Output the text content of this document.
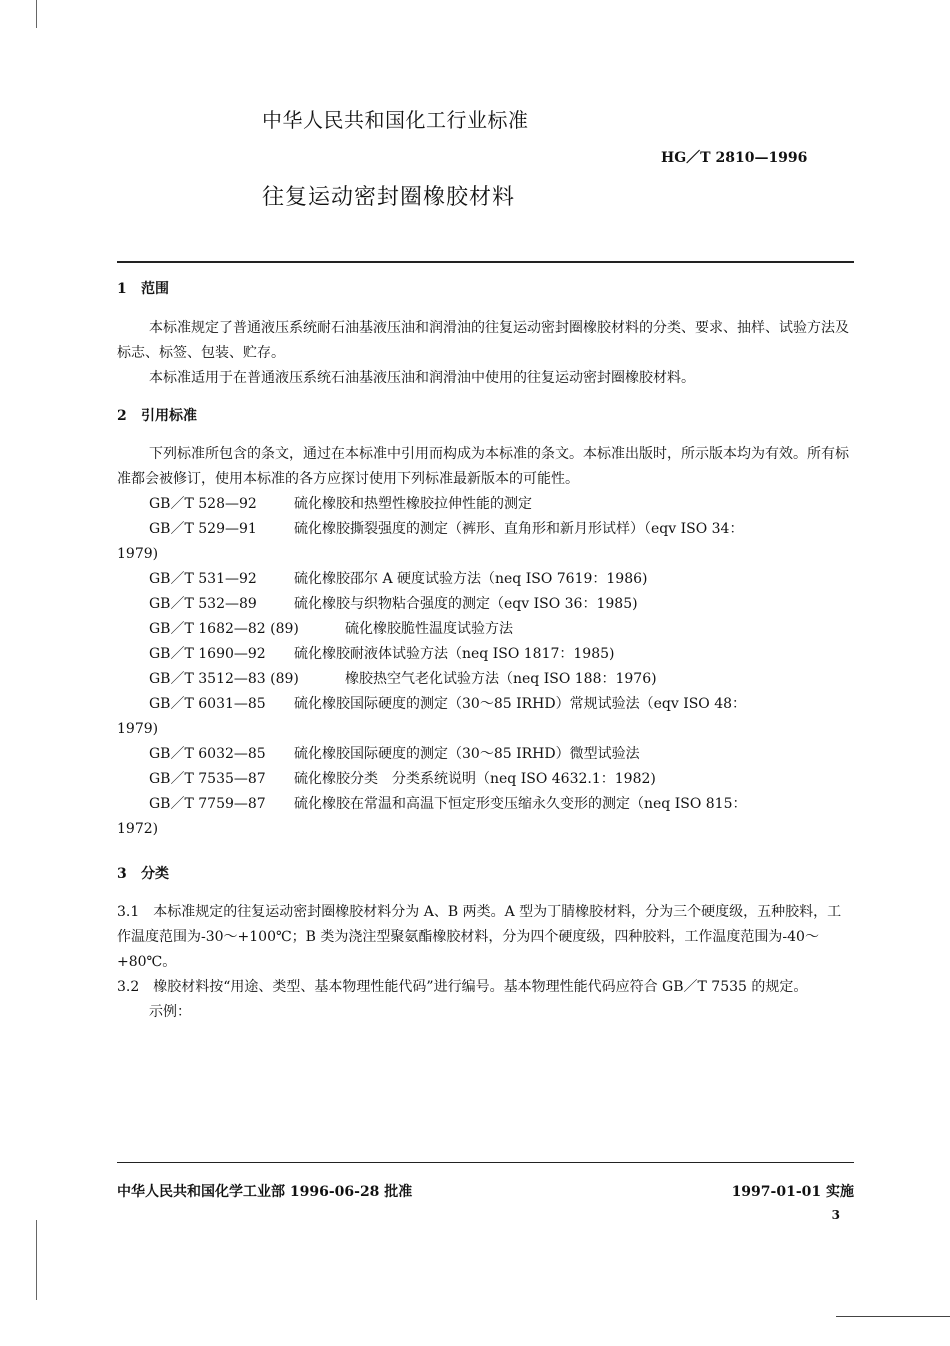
中华人民共和国化工行业标准
HG／T 2810—1996
往复运动密封圈橡胶材料
1 范围

本标准规定了普通液压系统耐石油基液压油和润滑油的往复运动密封圈橡胶材料的分类、要求、抽样、试验方法及标志、标签、包装、贮存。

本标准适用于在普通液压系统石油基液压油和润滑油中使用的往复运动密封圈橡胶材料。

2 引用标准

下列标准所包含的条文，通过在本标准中引用而构成为本标准的条文。本标准出版时，所示版本均为有效。所有标准都会被修订，使用本标准的各方应探讨使用下列标准最新版本的可能性。

GB／T 528—92	硫化橡胶和热塑性橡胶拉伸性能的测定

GB／T 529—91	硫化橡胶撕裂强度的测定（裤形、直角形和新月形试样）（eqv ISO 34：

1979)

GB／T 531—92	硫化橡胶邵尔 A 硬度试验方法（neq ISO 7619：1986)

GB／T 532—89	硫化橡胶与织物粘合强度的测定（eqv ISO 36：1985)

GB／T 1682—82 (89)	硫化橡胶脆性温度试验方法

GB／T 1690—92 硫化橡胶耐液体试验方法（neq ISO 1817：1985)

GB／T 3512—83 (89)	橡胶热空气老化试验方法（neq ISO 188：1976)

GB／T 6031—85 硫化橡胶国际硬度的测定（30～85 IRHD）常规试验法（eqv ISO 48：

1979)

GB／T 6032—85 硫化橡胶国际硬度的测定（30～85 IRHD）微型试验法

GB／T 7535—87 硫化橡胶分类　分类系统说明（neq ISO 4632.1：1982)

GB／T 7759—87 硫化橡胶在常温和高温下恒定形变压缩永久变形的测定（neq ISO 815：

1972)

3 分类

3.1　 本标准规定的往复运动密封圈橡胶材料分为 A、B 两类。A 型为丁腈橡胶材料，分为三个硬度级，五种胶料，工作温度范围为-30～+100℃；B 类为浇注型聚氨酯橡胶材料，分为四个硬度级，四种胶料，工作温度范围为-40～+80℃。

3.2　 橡胶材料按“用途、类型、基本物理性能代码”进行编号。基本物理性能代码应符合 GB／T 7535 的规定。

示例：

中华人民共和国化学工业部 1996-06-28 批准	1997-01-01 实施
3
